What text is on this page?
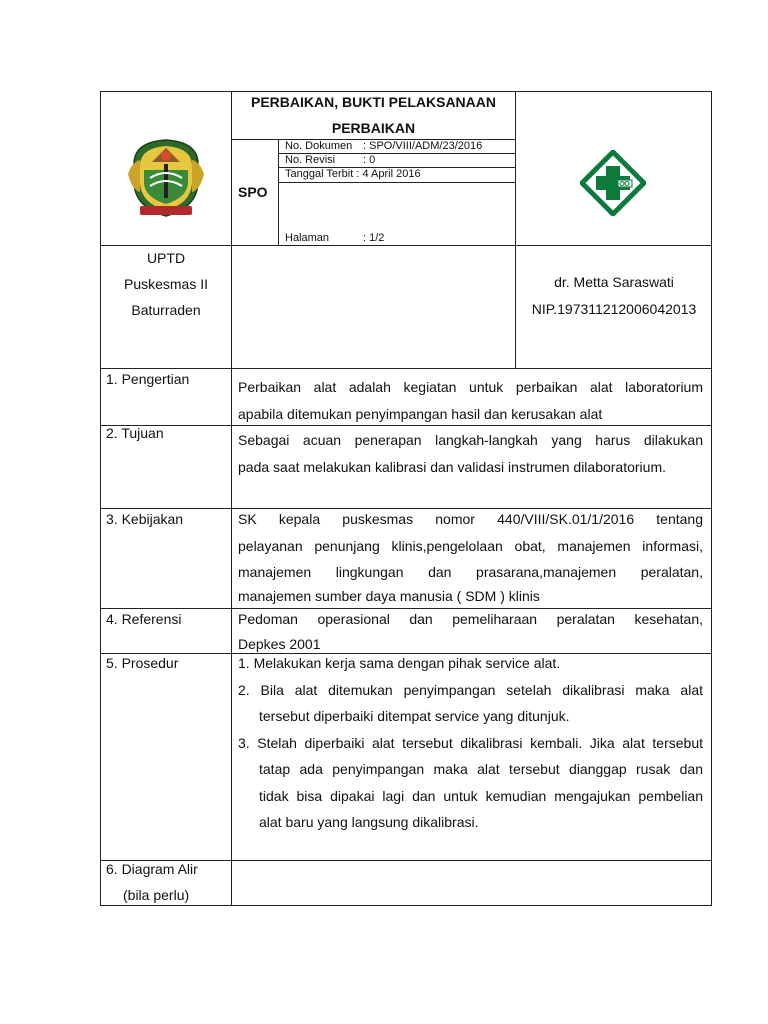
PERBAIKAN, BUKTI PELAKSANAAN
PERBAIKAN
SPO
No. Dokumen : SPO/VIII/ADM/23/2016
No. Revisi	: 0
Tanggal Terbit : 4 April 2016
Halaman	: 1/2
UPTD
Puskesmas II
Baturraden
dr. Metta Saraswati
NIP.197311212006042013
1. Pengertian	Perbaikan alat adalah kegiatan untuk perbaikan alat laboratorium
apabila ditemukan penyimpangan hasil dan kerusakan alat
2. Tujuan	Sebagai acuan penerapan langkah-langkah yang harus dilakukan
pada saat melakukan kalibrasi dan validasi instrumen dilaboratorium.
3. Kebijakan	SK kepala puskesmas nomor 440/VIII/SK.01/1/2016 tentang
pelayanan penunjang klinis,pengelolaan obat, manajemen informasi,
manajemen lingkungan dan prasarana,manajemen peralatan,
manajemen sumber daya manusia ( SDM ) klinis
4. Referensi	Pedoman operasional dan pemeliharaan peralatan kesehatan,
Depkes 2001
5. Prosedur	1. Melakukan kerja sama dengan pihak service alat.
2. Bila alat ditemukan penyimpangan setelah dikalibrasi maka alat
tersebut diperbaiki ditempat service yang ditunjuk.
3. Stelah diperbaiki alat tersebut dikalibrasi kembali. Jika alat tersebut
tatap ada penyimpangan maka alat tersebut dianggap rusak dan
tidak bisa dipakai lagi dan untuk kemudian mengajukan pembelian
alat baru yang langsung dikalibrasi.
6. Diagram Alir
(bila perlu)
